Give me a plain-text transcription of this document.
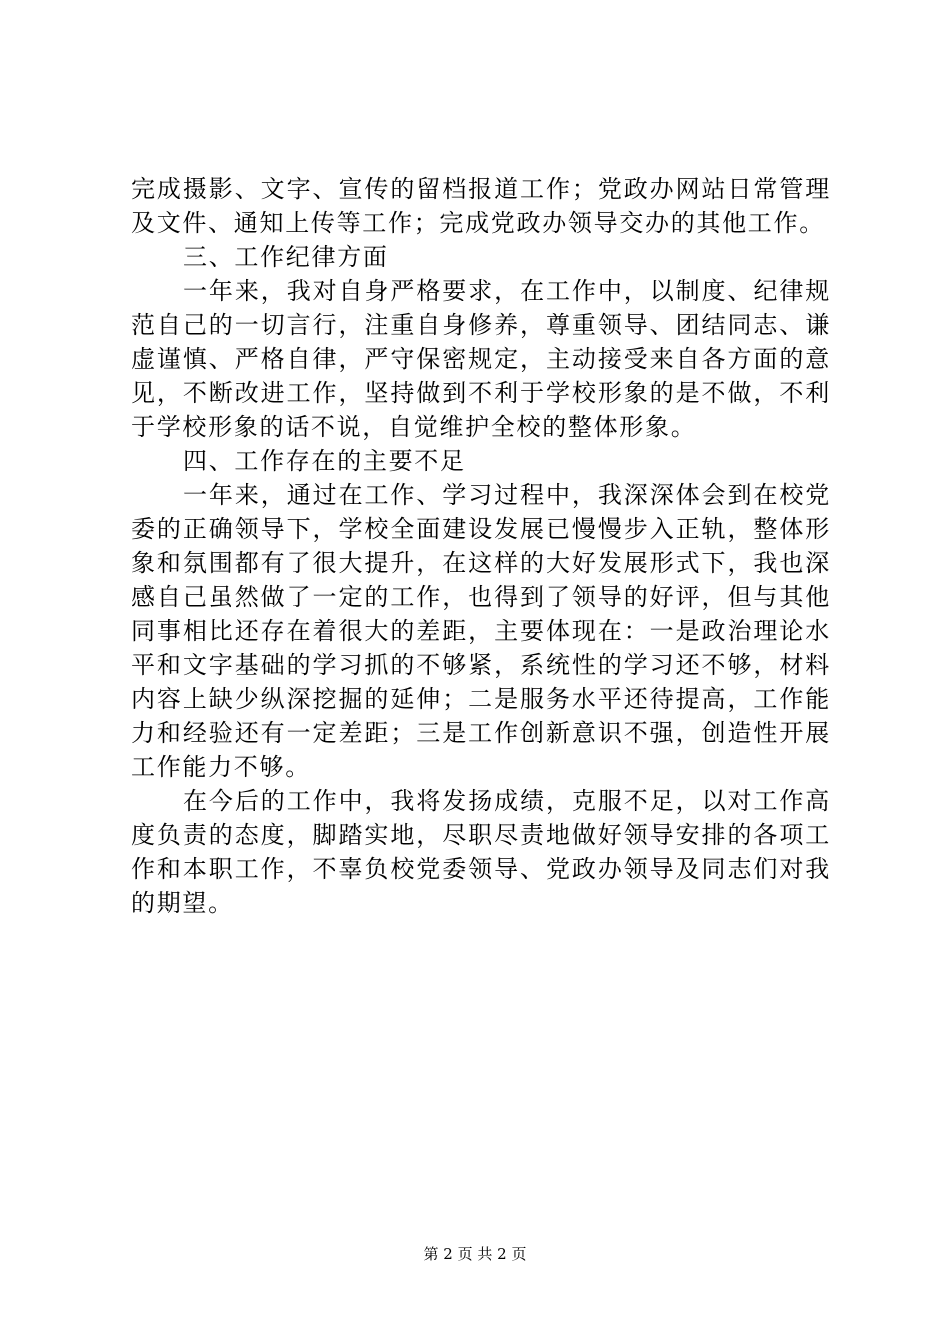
完成摄影、文字、宣传的留档报道工作；党政办网站日常管理及文件、通知上传等工作；完成党政办领导交办的其他工作。

三、工作纪律方面

一年来，我对自身严格要求，在工作中，以制度、纪律规范自己的一切言行，注重自身修养，尊重领导、团结同志、谦虚谨慎、严格自律，严守保密规定，主动接受来自各方面的意见，不断改进工作，坚持做到不利于学校形象的是不做，不利于学校形象的话不说，自觉维护全校的整体形象。

四、工作存在的主要不足

一年来，通过在工作、学习过程中，我深深体会到在校党委的正确领导下，学校全面建设发展已慢慢步入正轨，整体形象和氛围都有了很大提升，在这样的大好发展形式下，我也深感自己虽然做了一定的工作，也得到了领导的好评，但与其他同事相比还存在着很大的差距，主要体现在：一是政治理论水平和文字基础的学习抓的不够紧，系统性的学习还不够，材料内容上缺少纵深挖掘的延伸；二是服务水平还待提高，工作能力和经验还有一定差距；三是工作创新意识不强，创造性开展工作能力不够。

在今后的工作中，我将发扬成绩，克服不足，以对工作高度负责的态度，脚踏实地，尽职尽责地做好领导安排的各项工作和本职工作，不辜负校党委领导、党政办领导及同志们对我的期望。

第 2 页 共 2 页
